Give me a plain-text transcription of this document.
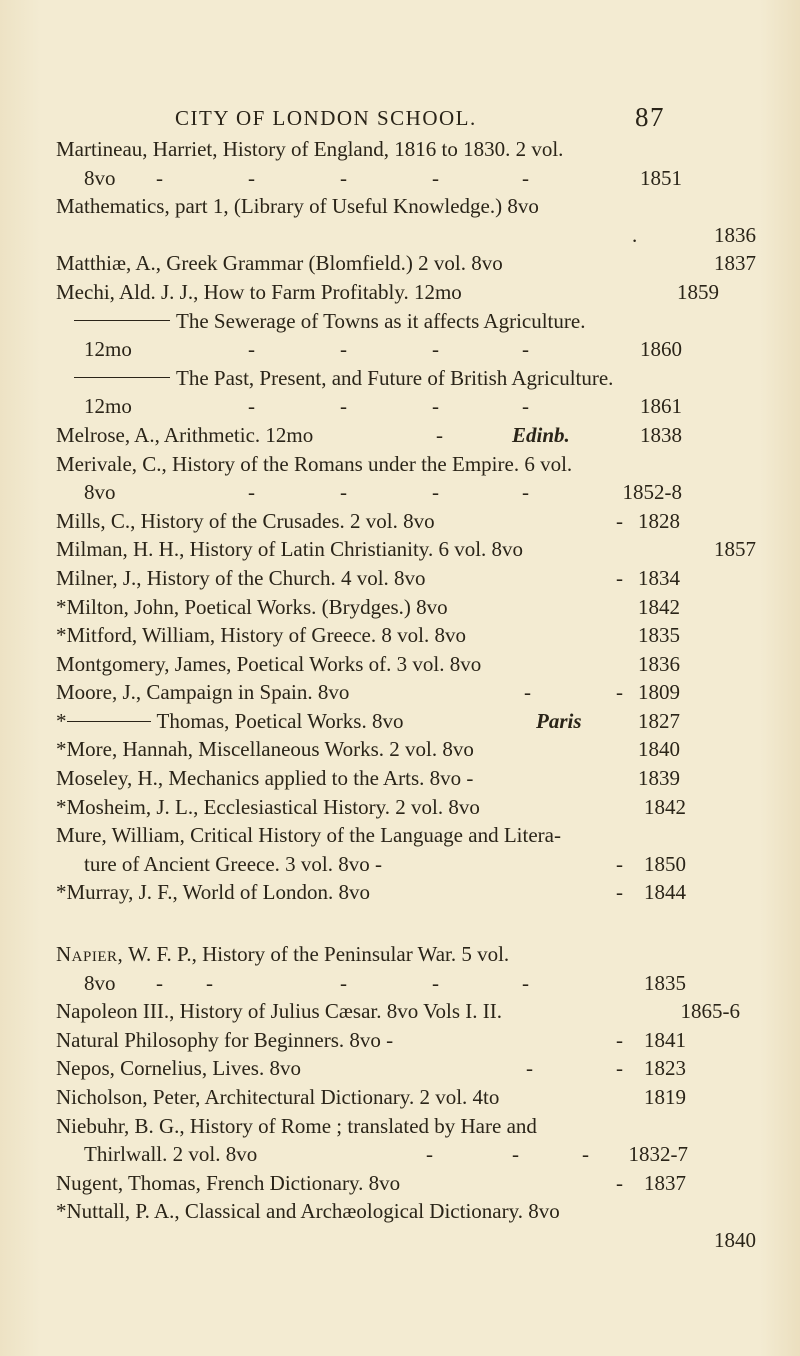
CITY OF LONDON SCHOOL.	87
Martineau, Harriet, History of England, 1816 to 1830. 2 vol.
8vo -	-	-	-	-	1851
Mathematics, part 1, (Library of Useful Knowledge.) 8vo
.	1836
Matthiæ, A., Greek Grammar (Blomfield.) 2 vol. 8vo	1837
Mechi, Ald. J. J., How to Farm Profitably. 12mo	1859
The Sewerage of Towns as it affects Agriculture.
12mo	-	-	-	-	1860
The Past, Present, and Future of British Agriculture.
12mo	-	-	-	-	1861
Melrose, A., Arithmetic. 12mo	-	Edinb.	1838
Merivale, C., History of the Romans under the Empire. 6 vol.
8vo	-	-	-	-	1852-8
Mills, C., History of the Crusades. 2 vol. 8vo	- 1828
Milman, H. H., History of Latin Christianity. 6 vol. 8vo	1857
Milner, J., History of the Church. 4 vol. 8vo	- 1834
*Milton, John, Poetical Works. (Brydges.) 8vo	1842
*Mitford, William, History of Greece. 8 vol. 8vo	1835
Montgomery, James, Poetical Works of. 3 vol. 8vo	1836
Moore, J., Campaign in Spain. 8vo	-	- 1809
*	Thomas, Poetical Works. 8vo	Paris	1827
*More, Hannah, Miscellaneous Works. 2 vol. 8vo	1840
Moseley, H., Mechanics applied to the Arts. 8vo -	1839
*Mosheim, J. L., Ecclesiastical History. 2 vol. 8vo	1842
Mure, William, Critical History of the Language and Litera-
ture of Ancient Greece. 3 vol. 8vo -	- 1850
*Murray, J. F., World of London. 8vo	- 1844
Napier, W. F. P., History of the Peninsular War. 5 vol.
8vo - -	-	-	-	1835
Napoleon III., History of Julius Cæsar. 8vo Vols I. II.	1865-6
Natural Philosophy for Beginners. 8vo -	- 1841
Nepos, Cornelius, Lives. 8vo	-	- 1823
Nicholson, Peter, Architectural Dictionary. 2 vol. 4to	1819
Niebuhr, B. G., History of Rome ; translated by Hare and
Thirlwall. 2 vol. 8vo	-	-	- 1832-7
Nugent, Thomas, French Dictionary. 8vo	- 1837
*Nuttall, P. A., Classical and Archæological Dictionary. 8vo
1840
